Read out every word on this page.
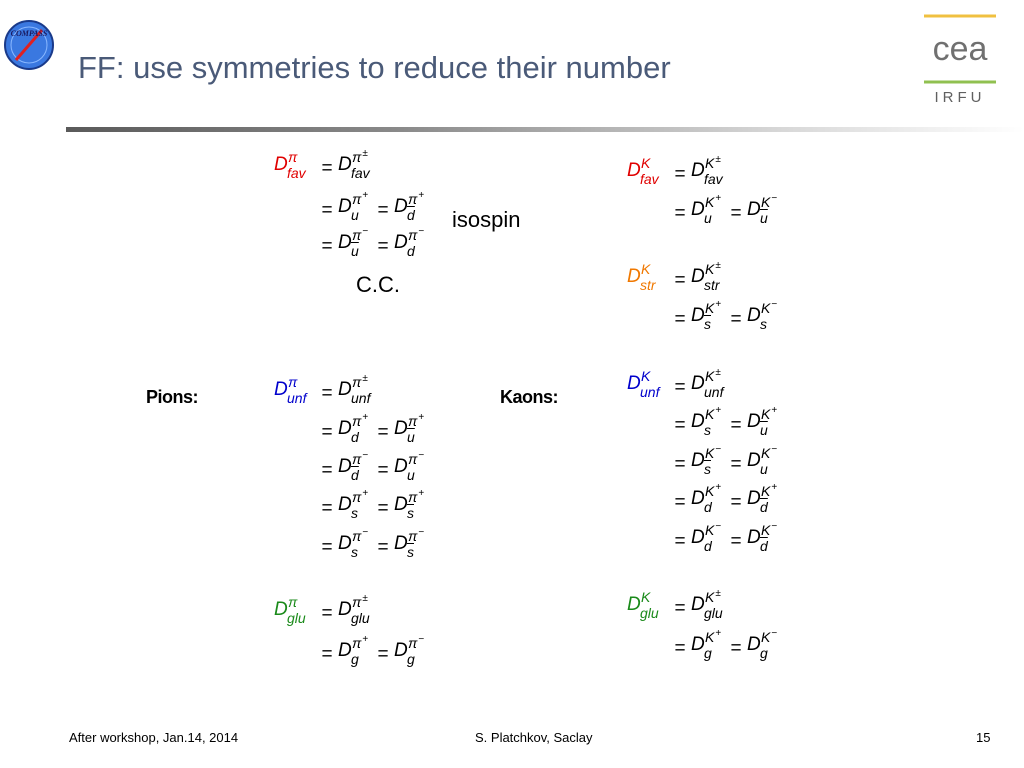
COMPASS
FF: use symmetries to reduce their number	cea
IRFU
isospin
C.C.
Pions:	Kaons:
D π
fav = D π±
fav
= D π+
u = D π+
$\overline{d}$
= D π−
$\overline{u} = D$ π−
d
D π
unf = D π±
unf
= D π+
d = D π+
$\overline{u}$
= D π−
$\overline{d} = D$ π−
u
= D π+
s = D π+
$\overline{s}$
= D π−
s = D π−
$\overline{s}$
D π
glu = D π±
glu
= D π+
g = D π−
g
D K
fav = D K±
fav
= D K+
u = D K−
$\overline{u}$
D K
str = D K±
str
= D K+
$\overline{s} = D$ K−
s
D K
unf = D K±
unf
= D K+
s = D K+
$\overline{u}$
= D K−
$\overline{s} = D$ K−
u
= D K+
d = D K+
$\overline{d}$
= D K−
d = D K−
$\overline{d}$
D K
glu = D K±
glu
= D K+
g = D K−
g
After workshop, Jan.14, 2014	S. Platchkov, Saclay	15
